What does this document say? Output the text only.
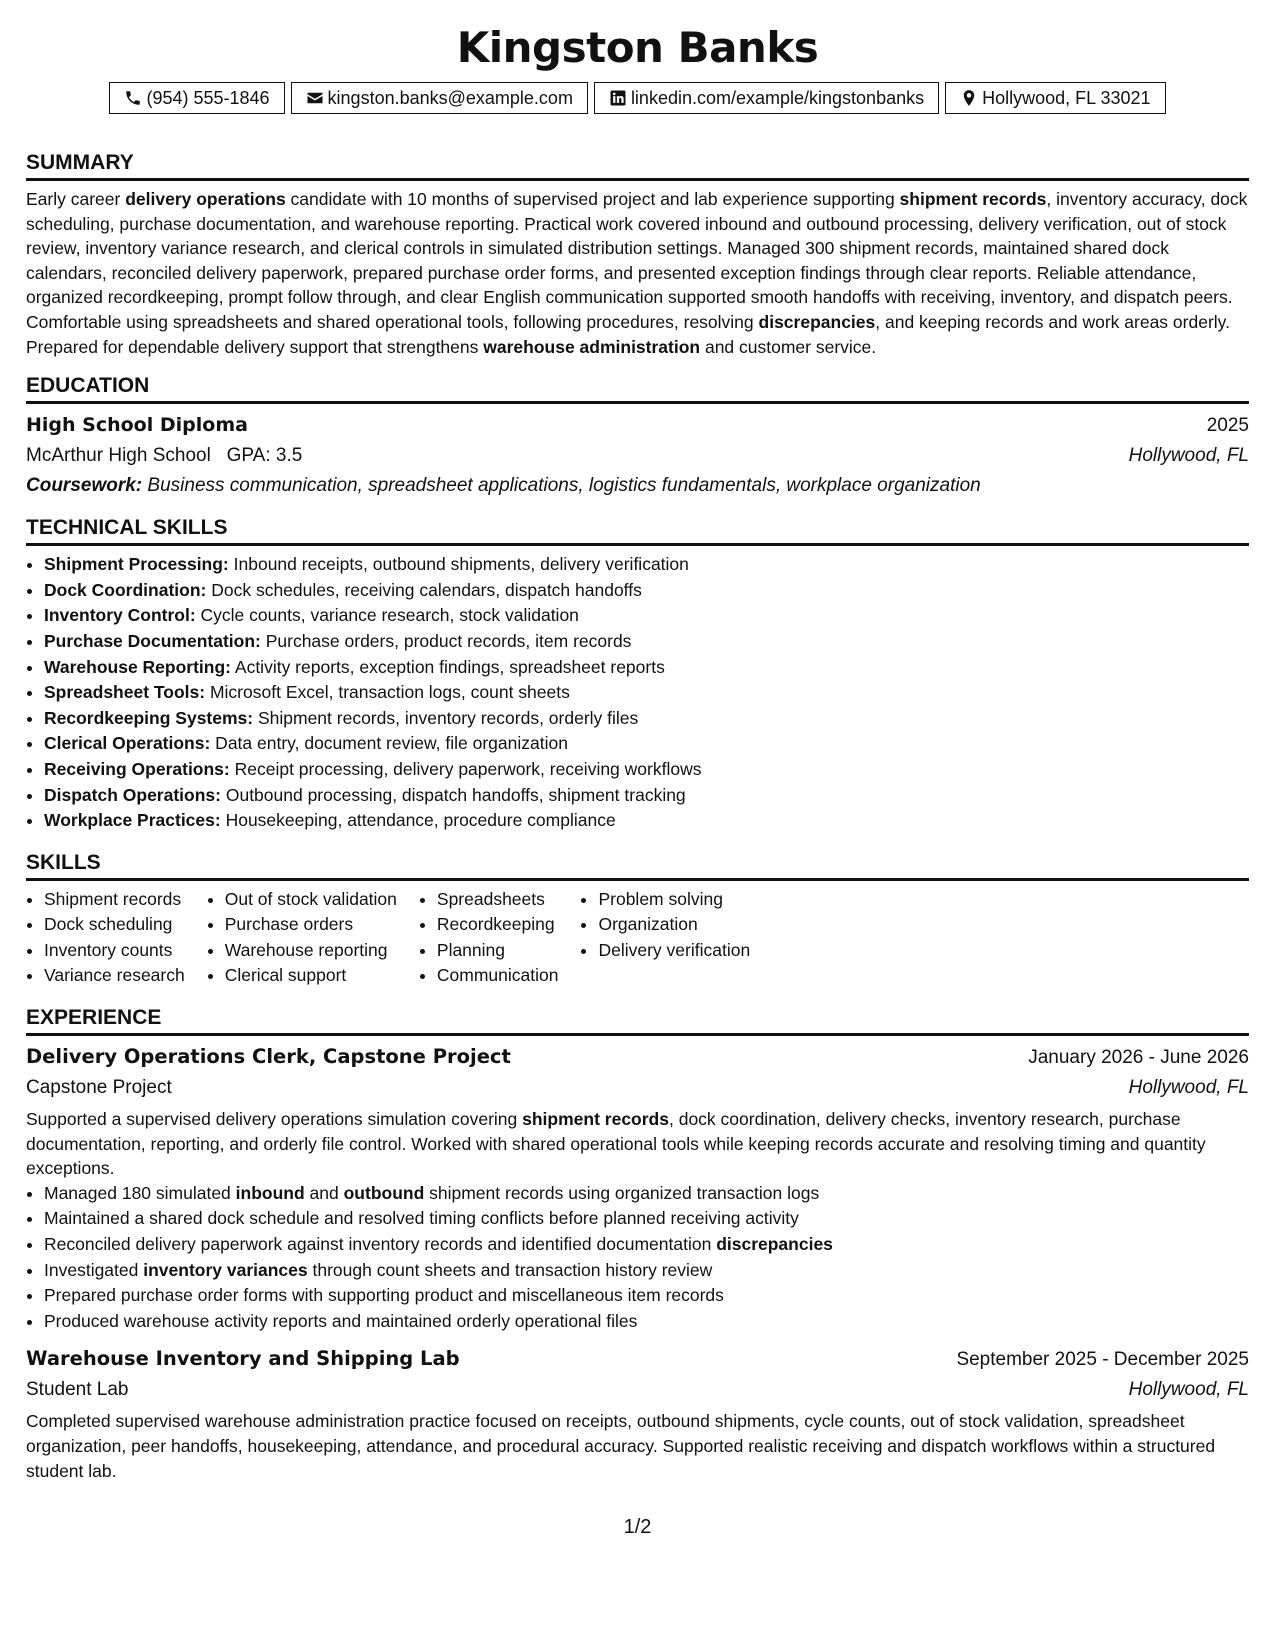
Kingston Banks
(954) 555-1846	kingston.banks@example.com	linkedin.com/example/kingstonbanks	Hollywood, FL 33021
SUMMARY

Early career delivery operations candidate with 10 months of supervised project and lab experience supporting shipment records, inventory accuracy, dock scheduling, purchase documentation, and warehouse reporting. Practical work covered inbound and outbound processing, delivery verification, out of stock review, inventory variance research, and clerical controls in simulated distribution settings. Managed 300 shipment records, maintained shared dock calendars, reconciled delivery paperwork, prepared purchase order forms, and presented exception findings through clear reports. Reliable attendance, organized recordkeeping, prompt follow through, and clear English communication supported smooth handoffs with receiving, inventory, and dispatch peers. Comfortable using spreadsheets and shared operational tools, following procedures, resolving discrepancies, and keeping records and work areas orderly. Prepared for dependable delivery support that strengthens warehouse administration and customer service.

EDUCATION
High School Diploma	2025
McArthur High School GPA: 3.5	Hollywood, FL
Coursework: Business communication, spreadsheet applications, logistics fundamentals, workplace organization
TECHNICAL SKILLS
• Shipment Processing: Inbound receipts, outbound shipments, delivery verification
• Dock Coordination: Dock schedules, receiving calendars, dispatch handoffs
• Inventory Control: Cycle counts, variance research, stock validation
• Purchase Documentation: Purchase orders, product records, item records
• Warehouse Reporting: Activity reports, exception findings, spreadsheet reports
• Spreadsheet Tools: Microsoft Excel, transaction logs, count sheets
• Recordkeeping Systems: Shipment records, inventory records, orderly files
• Clerical Operations: Data entry, document review, file organization
• Receiving Operations: Receipt processing, delivery paperwork, receiving workflows
• Dispatch Operations: Outbound processing, dispatch handoffs, shipment tracking
• Workplace Practices: Housekeeping, attendance, procedure compliance
SKILLS
• Shipment records
• Dock scheduling
• Inventory counts
• Variance research
• Out of stock validation
• Purchase orders
• Warehouse reporting
• Clerical support
• Spreadsheets
• Recordkeeping
• Planning
• Communication
• Problem solving
• Organization
• Delivery verification
EXPERIENCE
Delivery Operations Clerk, Capstone Project	January 2026 - June 2026
Capstone Project	Hollywood, FL

Supported a supervised delivery operations simulation covering shipment records, dock coordination, delivery checks, inventory research, purchase documentation, reporting, and orderly file control. Worked with shared operational tools while keeping records accurate and resolving timing and quantity exceptions.

• Managed 180 simulated inbound and outbound shipment records using organized transaction logs
• Maintained a shared dock schedule and resolved timing conflicts before planned receiving activity
• Reconciled delivery paperwork against inventory records and identified documentation discrepancies
• Investigated inventory variances through count sheets and transaction history review
• Prepared purchase order forms with supporting product and miscellaneous item records
• Produced warehouse activity reports and maintained orderly operational files
Warehouse Inventory and Shipping Lab	September 2025 - December 2025
Student Lab	Hollywood, FL

Completed supervised warehouse administration practice focused on receipts, outbound shipments, cycle counts, out of stock validation, spreadsheet organization, peer handoffs, housekeeping, attendance, and procedural accuracy. Supported realistic receiving and dispatch workflows within a structured student lab.

1/2
